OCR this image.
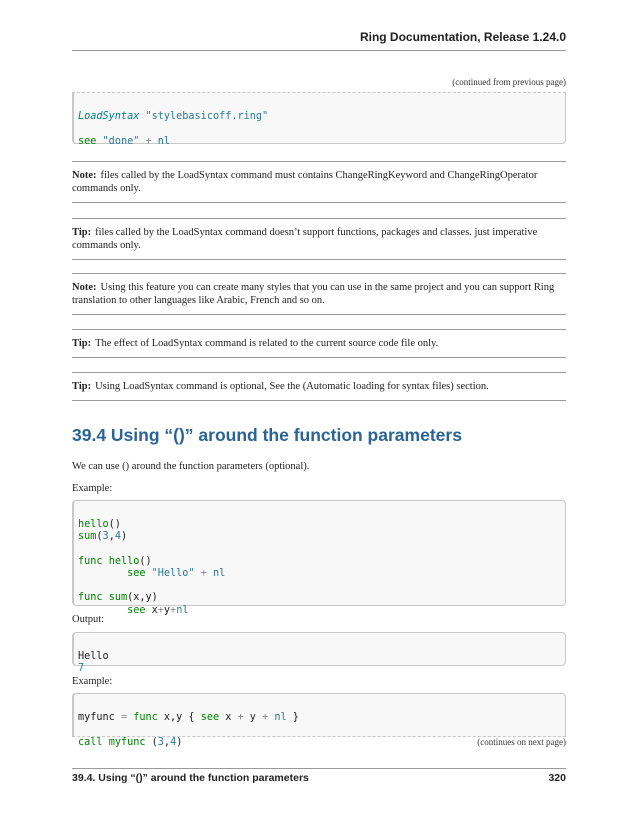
Ring Documentation, Release 1.24.0
(continued from previous page)

LoadSyntax "stylebasicoff.ring"

see "done" + nl

Note: files called by the LoadSyntax command must contains ChangeRingKeyword and ChangeRingOperator commands only.
Tip: files called by the LoadSyntax command doesn’t support functions, packages and classes. just imperative commands only.
Note: Using this feature you can create many styles that you can use in the same project and you can support Ring translation to other languages like Arabic, French and so on.
Tip: The effect of LoadSyntax command is related to the current source code file only.
Tip: Using LoadSyntax command is optional, See the (Automatic loading for syntax files) section.
39.4 Using “()” around the function parameters
We can use () around the function parameters (optional).
Example:

hello()
sum(3,4)

func hello()
see "Hello" + nl

func sum(x,y)
see x+y+nl

Output:

Hello
7

Example:

myfunc = func x,y { see x + y + nl }

call myfunc (3,4)	(continues on next page)
39.4. Using “()” around the function parameters	320
